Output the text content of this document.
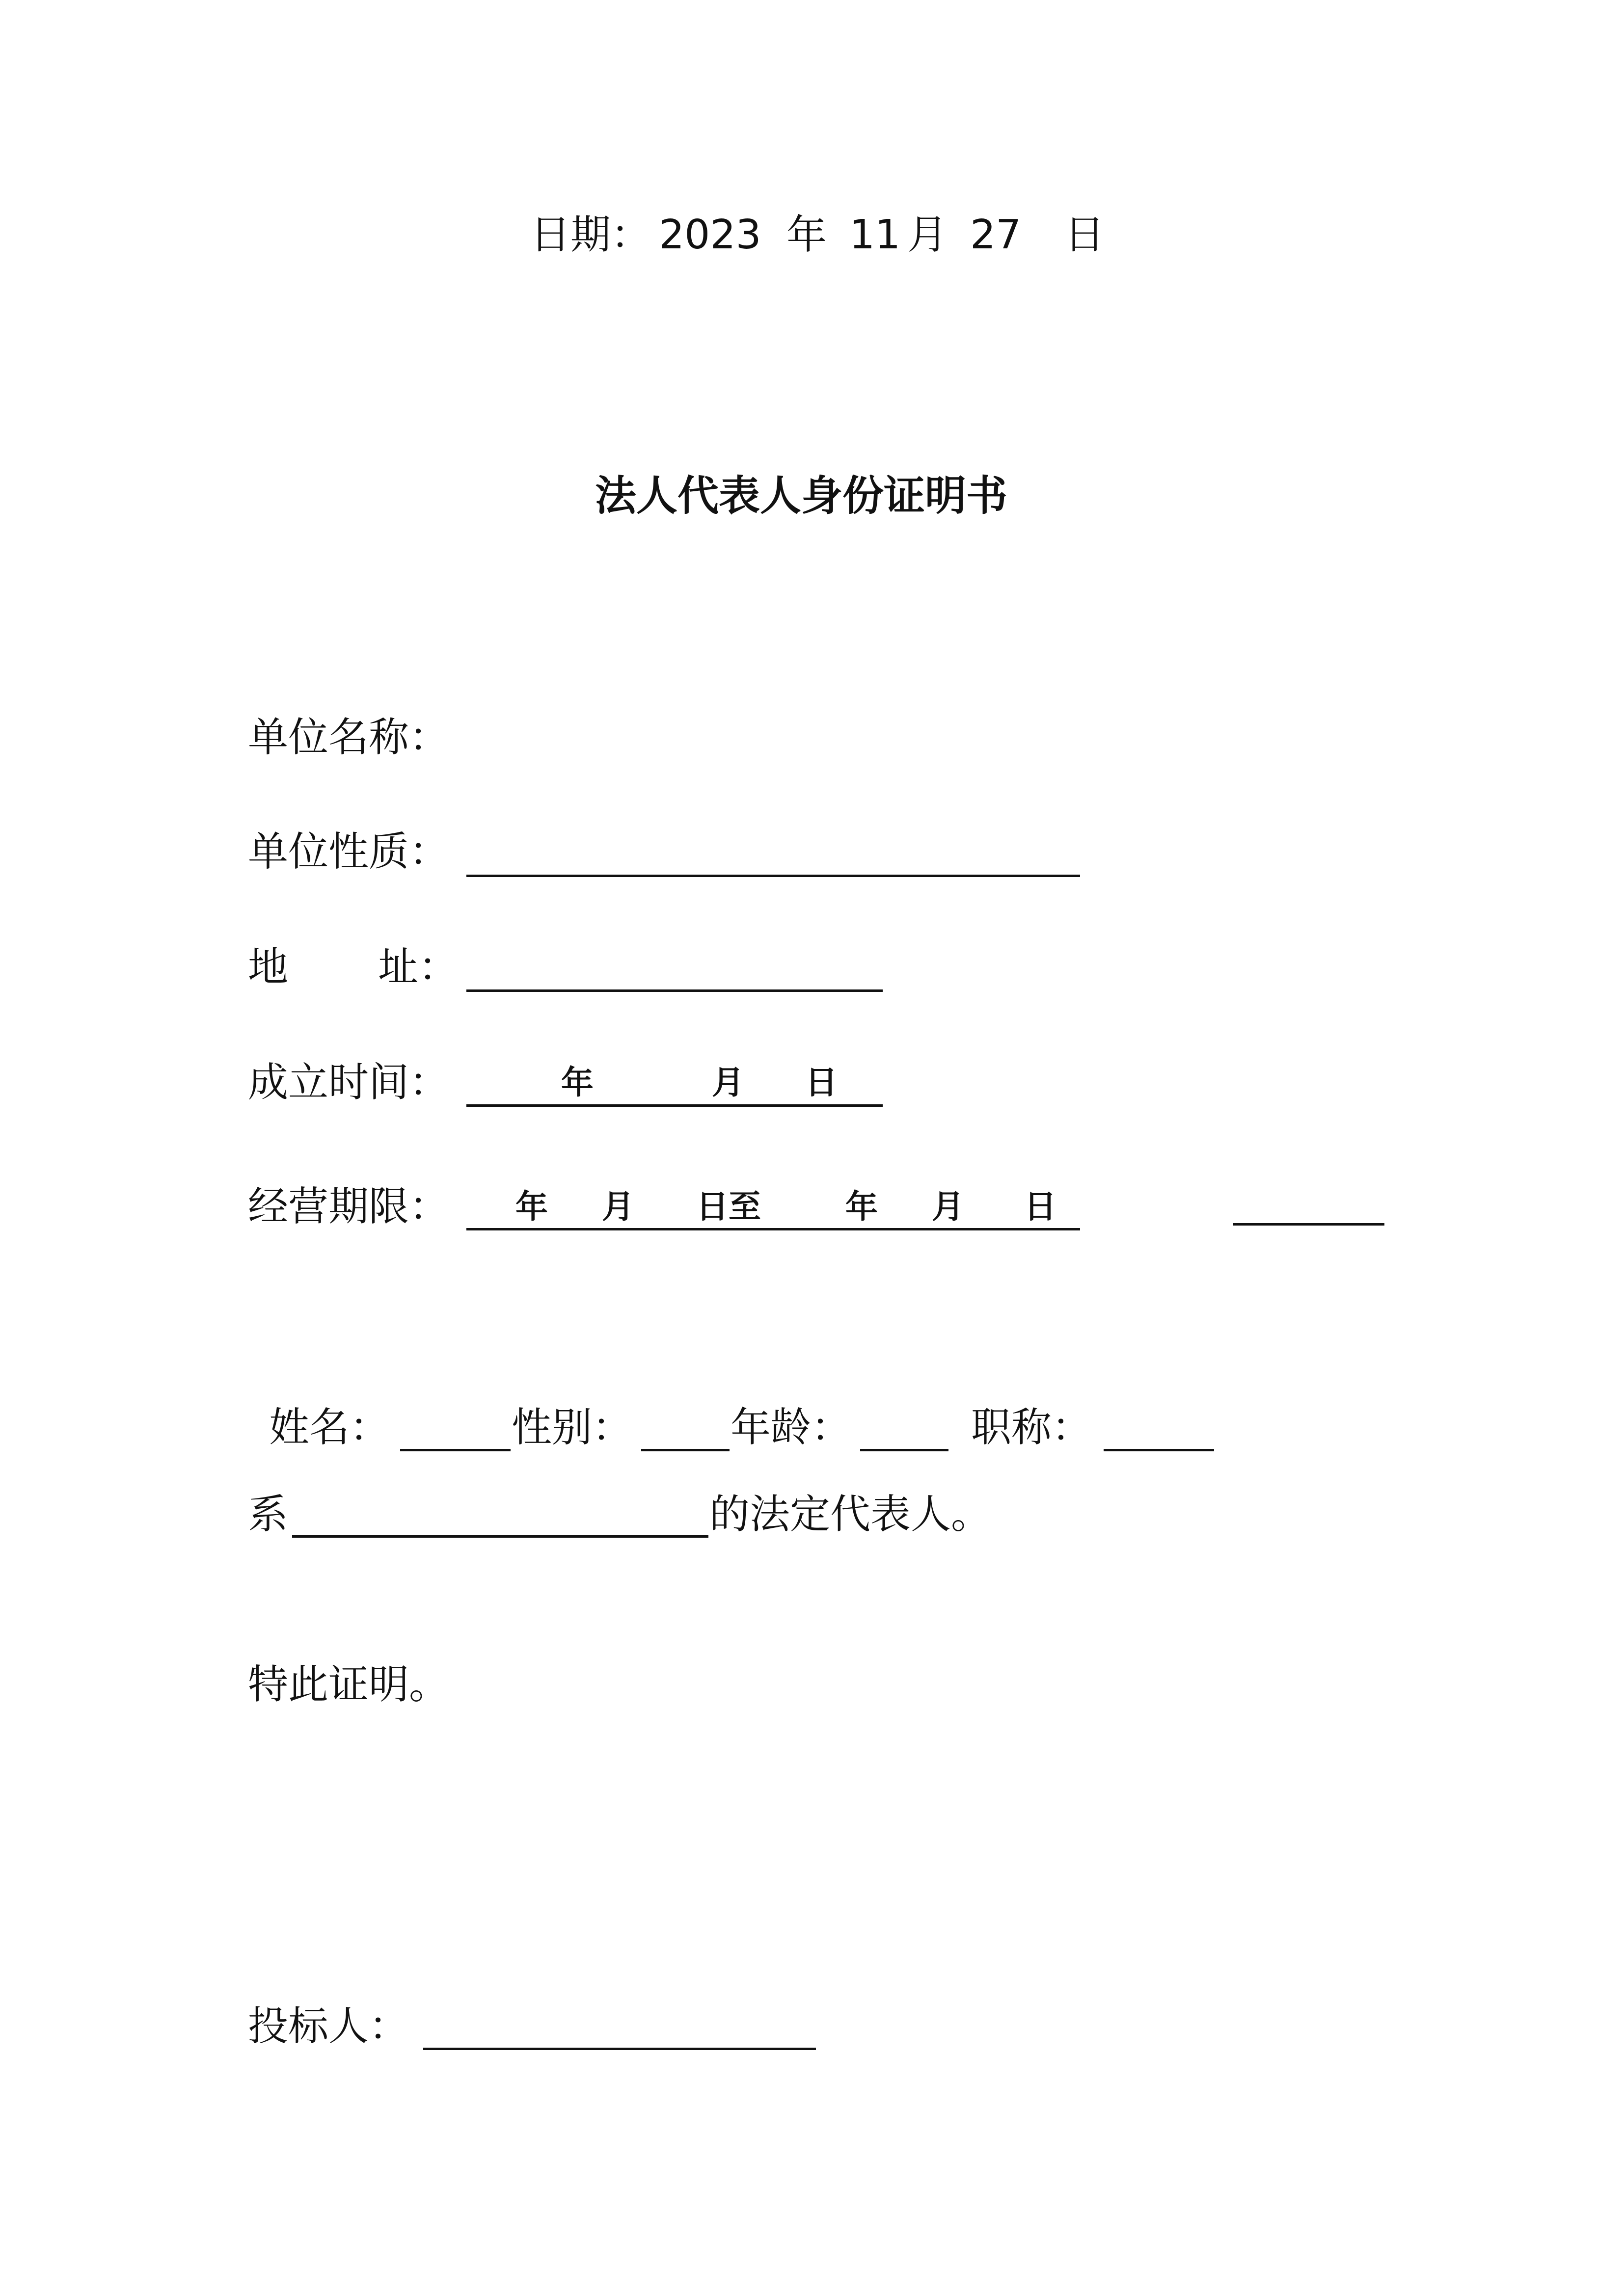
日期： 2023 年 11 月 27 日
法人代表人身份证明书
单位名称：
单位性质：
地 址：
成立时间：	年	月 日
经营期限： 年 月 日至	年 月 日
姓名：	性别： 年龄：	职称：
系	的法定代表人。
特此证明。
投标人：
